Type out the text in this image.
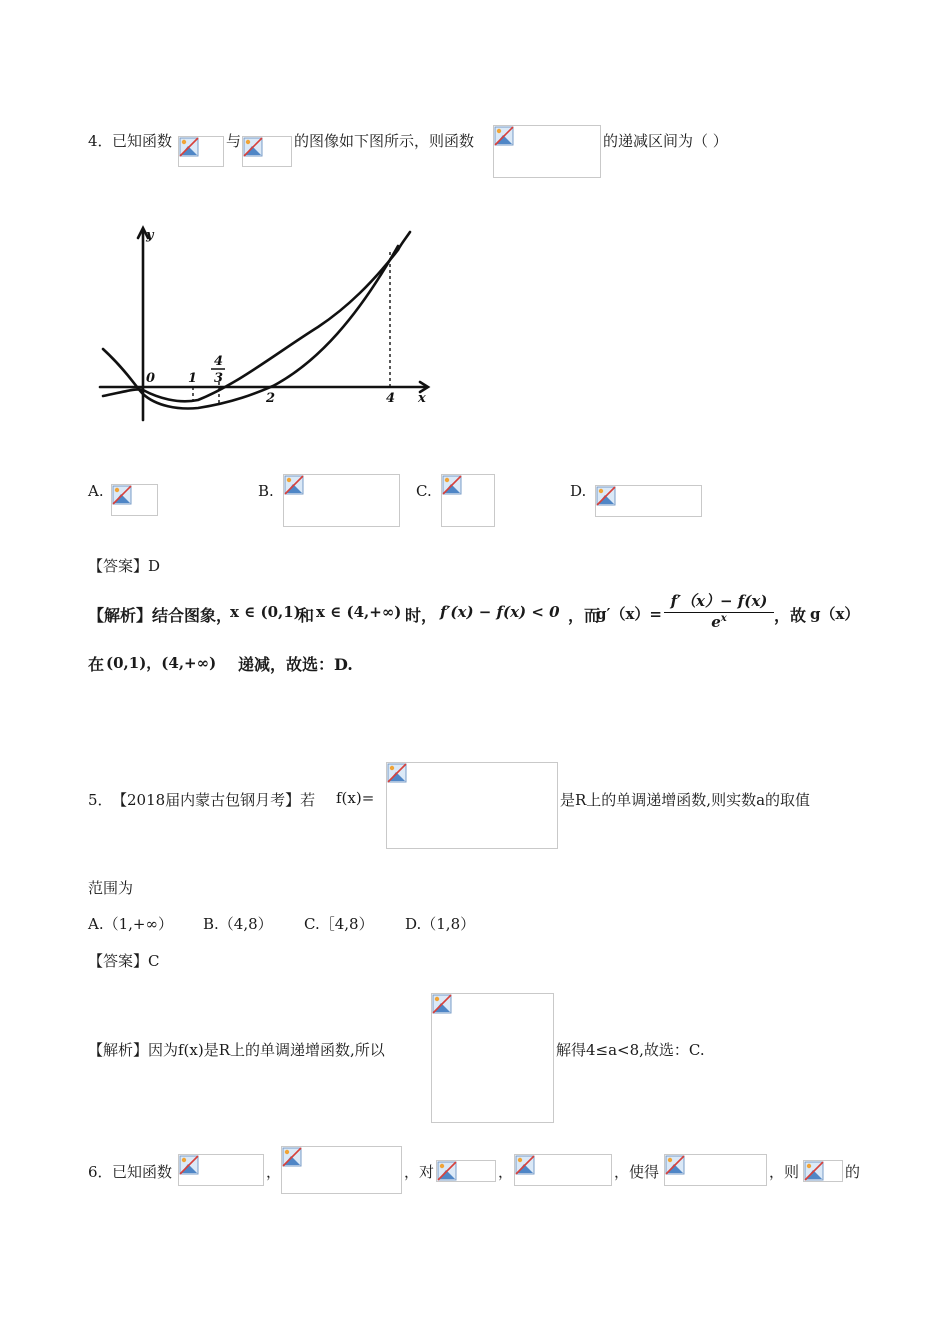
4． 已知函数	与	的图像如下图所示，则函数	的递减区间为（ ）
y
x
0	1
4
3
2	4
A.	B.	C.	D.
【答案】D
【解析】 结合图象，
x ∈ (0,1)
和 x ∈ (4,+∞) 时， f′(x) − f(x) < 0 ，而
$g'(x)= \frac{f'(x)- f(x)}{e^x}$ ，故 g（x）
在 (0,1)，(4,+∞) 递减，故选：D.
5． 【2018届内蒙古包钢月考】若 f(x)=	是R上的单调递增函数,则实数a的取值
范围为
A.（1,+∞） B.（4,8） C.［4,8） D.（1,8）
【答案】C
【解析】因为f(x)是R上的单调递增函数,所以	解得4≤a<8,故选：C.
6． 已知函数	，	，对	，	，使得	，则	的
